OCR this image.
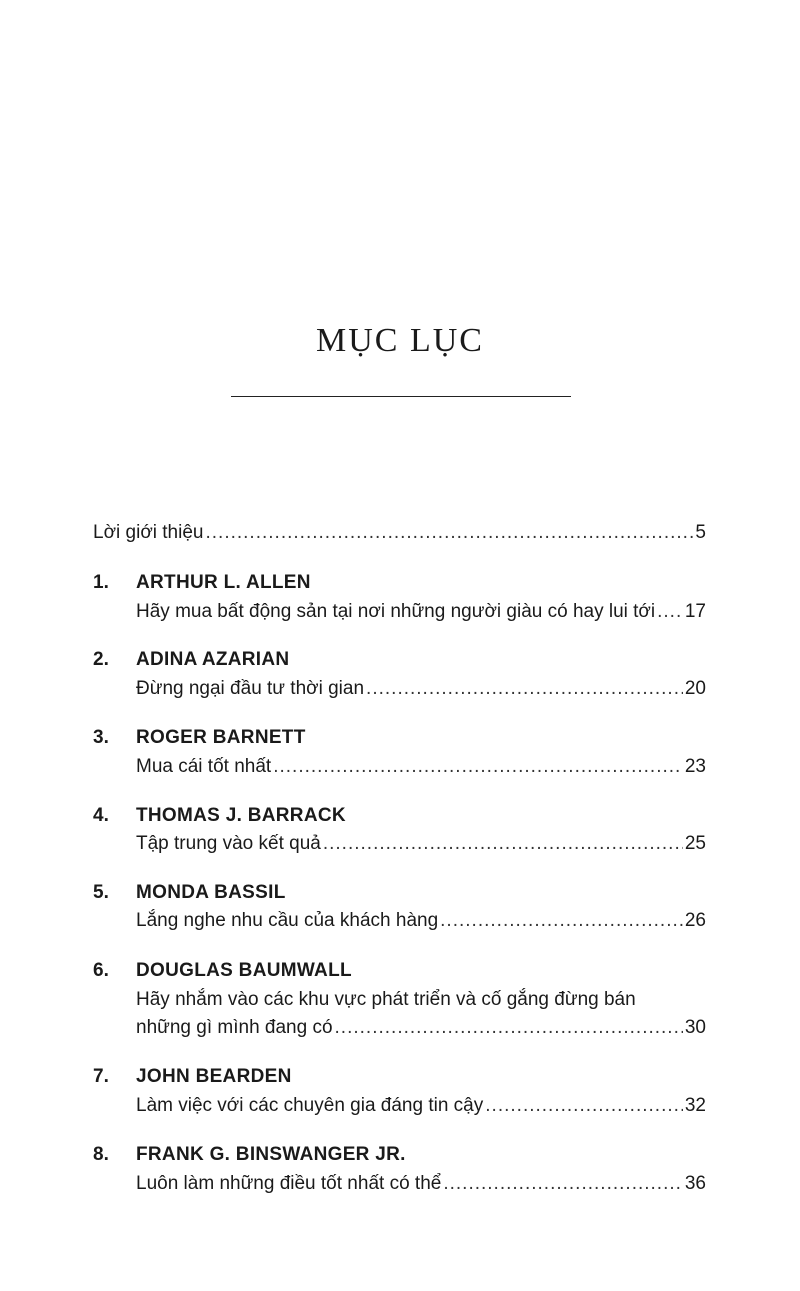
MỤC LỤC
Lời giới thiệu .....	5
1. ARTHUR L. ALLEN
Hãy mua bất động sản tại nơi những người giàu có hay lui tới ..... 17
2. ADINA AZARIAN
Đừng ngại đầu tư thời gian .....	20
3. ROGER BARNETT
Mua cái tốt nhất .....	23
4. THOMAS J. BARRACK
Tập trung vào kết quả .....	25
5. MONDA BASSIL
Lắng nghe nhu cầu của khách hàng .....	26
6. DOUGLAS BAUMWALL
Hãy nhắm vào các khu vực phát triển và cố gắng đừng bán
những gì mình đang có .....	30
7. JOHN BEARDEN
Làm việc với các chuyên gia đáng tin cậy .....	32
8. FRANK G. BINSWANGER JR.
Luôn làm những điều tốt nhất có thể .....	36
